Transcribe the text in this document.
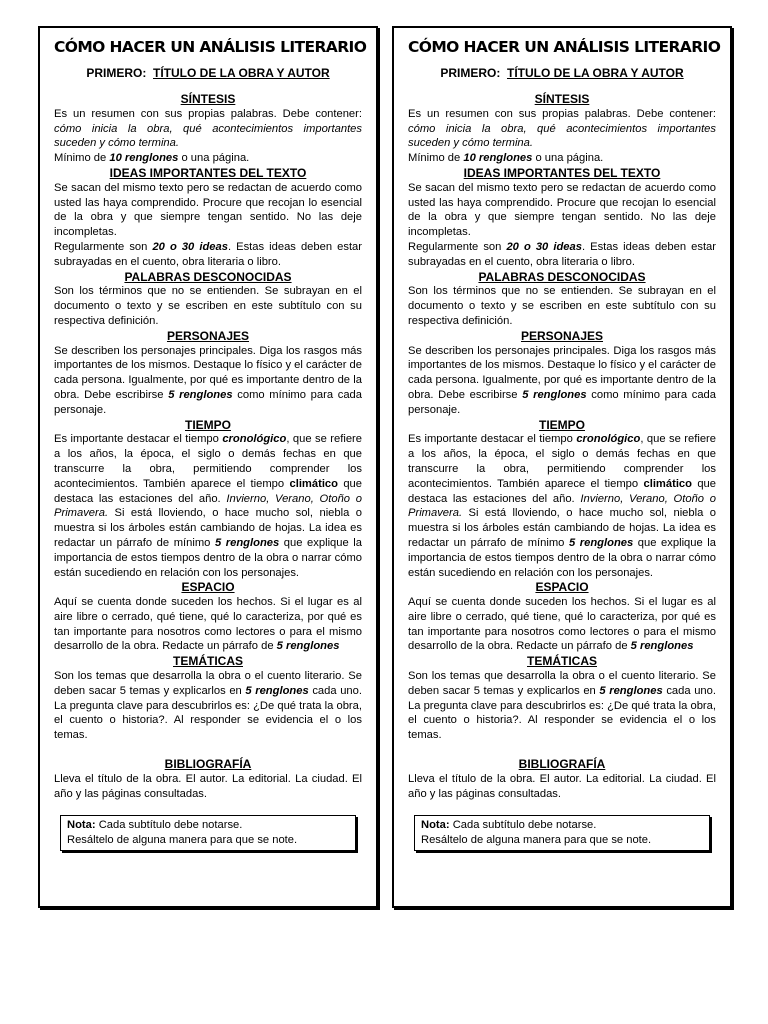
CÓMO HACER UN ANÁLISIS LITERARIO
PRIMERO: TÍTULO DE LA OBRA Y AUTOR
SÍNTESIS

Es un resumen con sus propias palabras. Debe contener: cómo inicia la obra, qué acontecimientos importantes suceden y cómo termina.

Mínimo de 10 renglones o una página.

IDEAS IMPORTANTES DEL TEXTO

Se sacan del mismo texto pero se redactan de acuerdo como usted las haya comprendido. Procure que recojan lo esencial de la obra y que siempre tengan sentido. No las deje incompletas.

Regularmente son 20 o 30 ideas. Estas ideas deben estar subrayadas en el cuento, obra literaria o libro.

PALABRAS DESCONOCIDAS

Son los términos que no se entienden. Se subrayan en el documento o texto y se escriben en este subtítulo con su respectiva definición.

PERSONAJES

Se describen los personajes principales. Diga los rasgos más importantes de los mismos. Destaque lo físico y el carácter de cada persona. Igualmente, por qué es importante dentro de la obra. Debe escribirse 5 renglones como mínimo para cada personaje.

TIEMPO

Es importante destacar el tiempo cronológico, que se refiere a los años, la época, el siglo o demás fechas en que transcurre la obra, permitiendo comprender los acontecimientos. También aparece el tiempo climático que destaca las estaciones del año. Invierno, Verano, Otoño o Primavera. Si está lloviendo, o hace mucho sol, niebla o muestra si los árboles están cambiando de hojas. La idea es redactar un párrafo de mínimo 5 renglones que explique la importancia de estos tiempos dentro de la obra o narrar cómo están sucediendo en relación con los personajes.

ESPACIO

Aquí se cuenta donde suceden los hechos. Si el lugar es al aire libre o cerrado, qué tiene, qué lo caracteriza, por qué es tan importante para nosotros como lectores o para el mismo desarrollo de la obra. Redacte un párrafo de 5 renglones

TEMÁTICAS

Son los temas que desarrolla la obra o el cuento literario. Se deben sacar 5 temas y explicarlos en 5 renglones cada uno. La pregunta clave para descubrirlos es: ¿De qué trata la obra, el cuento o historia?. Al responder se evidencia el o los temas.

BIBLIOGRAFÍA

Lleva el título de la obra. El autor. La editorial. La ciudad. El año y las páginas consultadas.

Nota: Cada subtítulo debe notarse.
Resáltelo de alguna manera para que se note.
CÓMO HACER UN ANÁLISIS LITERARIO
PRIMERO: TÍTULO DE LA OBRA Y AUTOR
SÍNTESIS

Es un resumen con sus propias palabras. Debe contener: cómo inicia la obra, qué acontecimientos importantes suceden y cómo termina.

Mínimo de 10 renglones o una página.

IDEAS IMPORTANTES DEL TEXTO

Se sacan del mismo texto pero se redactan de acuerdo como usted las haya comprendido. Procure que recojan lo esencial de la obra y que siempre tengan sentido. No las deje incompletas.

Regularmente son 20 o 30 ideas. Estas ideas deben estar subrayadas en el cuento, obra literaria o libro.

PALABRAS DESCONOCIDAS

Son los términos que no se entienden. Se subrayan en el documento o texto y se escriben en este subtítulo con su respectiva definición.

PERSONAJES

Se describen los personajes principales. Diga los rasgos más importantes de los mismos. Destaque lo físico y el carácter de cada persona. Igualmente, por qué es importante dentro de la obra. Debe escribirse 5 renglones como mínimo para cada personaje.

TIEMPO

Es importante destacar el tiempo cronológico, que se refiere a los años, la época, el siglo o demás fechas en que transcurre la obra, permitiendo comprender los acontecimientos. También aparece el tiempo climático que destaca las estaciones del año. Invierno, Verano, Otoño o Primavera. Si está lloviendo, o hace mucho sol, niebla o muestra si los árboles están cambiando de hojas. La idea es redactar un párrafo de mínimo 5 renglones que explique la importancia de estos tiempos dentro de la obra o narrar cómo están sucediendo en relación con los personajes.

ESPACIO

Aquí se cuenta donde suceden los hechos. Si el lugar es al aire libre o cerrado, qué tiene, qué lo caracteriza, por qué es tan importante para nosotros como lectores o para el mismo desarrollo de la obra. Redacte un párrafo de 5 renglones

TEMÁTICAS

Son los temas que desarrolla la obra o el cuento literario. Se deben sacar 5 temas y explicarlos en 5 renglones cada uno. La pregunta clave para descubrirlos es: ¿De qué trata la obra, el cuento o historia?. Al responder se evidencia el o los temas.

BIBLIOGRAFÍA

Lleva el título de la obra. El autor. La editorial. La ciudad. El año y las páginas consultadas.

Nota: Cada subtítulo debe notarse.
Resáltelo de alguna manera para que se note.
